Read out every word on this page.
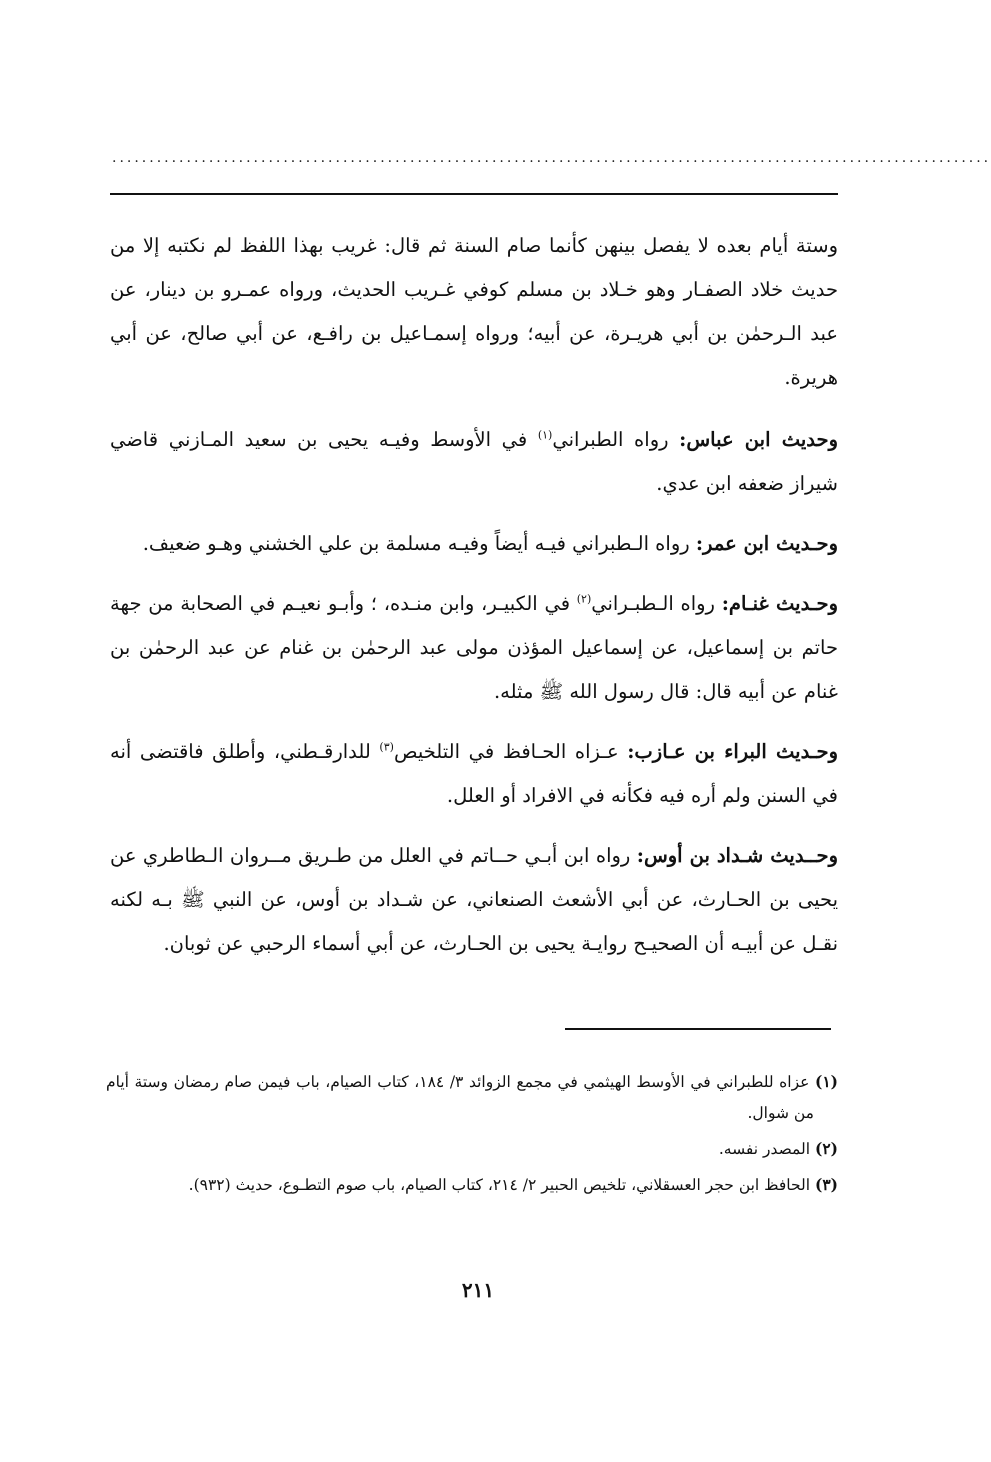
......................................................................................................................

وستة أيام بعده لا يفصل بينهن كأنما صام السنة ثم قال: غريب بهذا اللفظ لم نكتبه إلا من حديث خلاد الصفـار وهو خـلاد بن مسلم كوفي غـريب الحديث، ورواه عمـرو بن دينار، عن عبد الـرحمٰن بن أبي هريـرة، عن أبيه؛ ورواه إسمـاعيل بن رافـع، عن أبي صالح، عن أبي هريرة.

وحديث ابن عباس: رواه الطبراني$^{(١)}$ في الأوسط وفيـه يحيى بن سعيد المـازني قاضي شيراز ضعفه ابن عدي.

وحـديث ابن عمر: رواه الـطبراني فيـه أيضاً وفيـه مسلمة بن علي الخشني وهـو ضعيف.

وحـديث غنـام: رواه الـطبـراني$^{(٢)}$ في الكبيـر، وابن منـده، ؛ وأبـو نعيـم في الصحابة من جهة حاتم بن إسماعيل، عن إسماعيل المؤذن مولى عبد الرحمٰن بن غنام عن عبد الرحمٰن بن غنام عن أبيه قال: قال رسول الله ﷺ مثله.

وحـديث البراء بن عـازب: عـزاه الحـافظ في التلخيص$^{(٣)}$ للدارقـطني، وأطلق فاقتضى أنه في السنن ولم أره فيه فكأنه في الافراد أو العلل.

وحــديث شـداد بن أوس: رواه ابن أبـي حــاتم في العلل من طـريق مــروان الـطاطري عن يحيى بن الحـارث، عن أبي الأشعث الصنعاني، عن شـداد بن أوس، عن النبي ﷺ بـه لكنه نقـل عن أبيـه أن الصحيـح روايـة يحيى بن الحـارث، عن أبي أسماء الرحبي عن ثوبان.

(١) عزاه للطبراني في الأوسط الهيثمي في مجمع الزوائد ٣/ ١٨٤، كتاب الصيام، باب فيمن صام رمضان وستة أيام من شوال.

(٢) المصدر نفسه.

(٣) الحافظ ابن حجر العسقلاني، تلخيص الحبير ٢/ ٢١٤، كتاب الصيام، باب صوم التطـوع، حديث (٩٣٢).

٢١١
